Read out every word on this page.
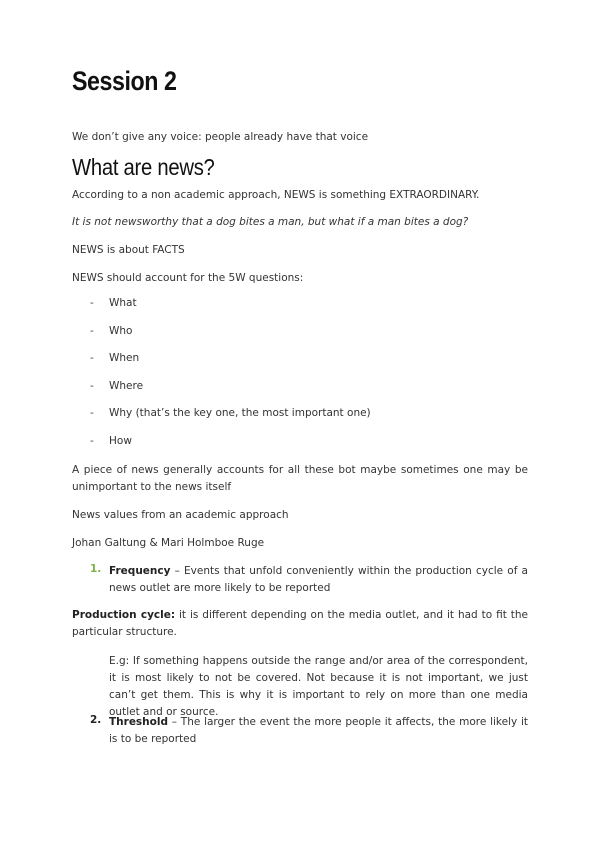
Session 2

We don’t give any voice: people already have that voice

What are news?

According to a non academic approach, NEWS is something EXTRAORDINARY.

It is not newsworthy that a dog bites a man, but what if a man bites a dog?

NEWS is about FACTS

NEWS should account for the 5W questions:

- What
- Who
- When
- Where
- Why (that’s the key one, the most important one)
- How

A piece of news generally accounts for all these bot maybe sometimes one may be unimportant to the news itself

News values from an academic approach

Johan Galtung & Mari Holmboe Ruge

1. Frequency – Events that unfold conveniently within the production cycle of a news outlet are more likely to be reported

Production cycle: it is different depending on the media outlet, and it had to fit the particular structure.

E.g: If something happens outside the range and/or area of the correspondent, it is most likely to not be covered. Not because it is not important, we just can’t get them. This is why it is important to rely on more than one media outlet and or source.

2. Threshold – The larger the event the more people it affects, the more likely it is to be reported
